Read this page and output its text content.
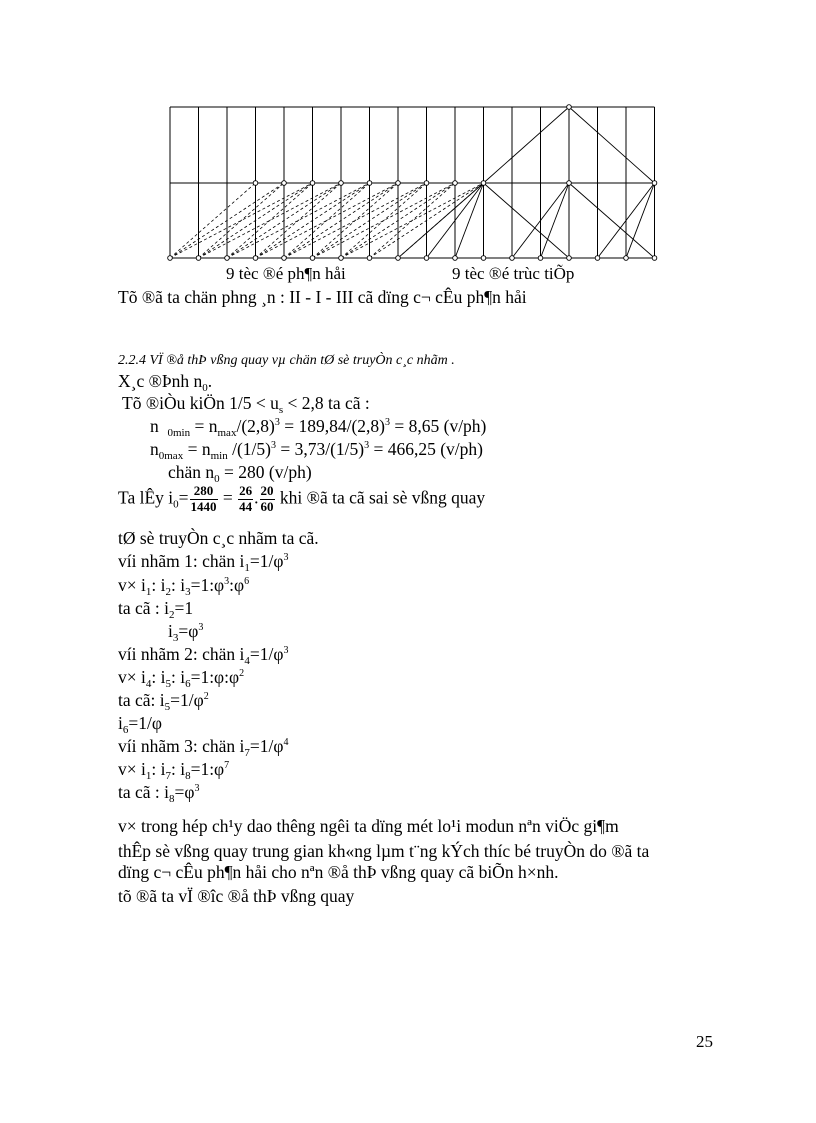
9 tèc ®é ph¶n håi	9 tèc ®é trùc tiÕp
Tõ ®ã ta chän phng ¸n : II - I - III cã dïng c¬ cÊu ph¶n håi
2.2.4 VÏ ®å thÞ vßng quay vµ chän tØ sè truyÒn c¸c nhãm .
X¸c ®Þnh $n_0$.
Tõ ®iÒu kiÖn $1/5 < u_s < 2,8$ ta cã :
n $_{0min} = n_{max}/(2,8)^3 = 189,84/(2,8)^3 = 8,65$ (v/ph)
$n_{0max} = n_{min}$ $/(1/5)^3 = 3,73/(1/5)^3 = 466,25$ (v/ph)
chän $n_0 = 280$ (v/ph)
Ta lÊy $i_0= \frac{280}{1440} = \frac{26}{44}$ . $\frac{20}{60}$ khi ®ã ta cã sai sè vßng quay
tØ sè truyÒn c¸c nhãm ta cã.
víi nhãm 1: chän $i_1=1/\varphi^3$
$v\times i_1$: $i_2$: $i_3=1:\varphi^3:\varphi^6$
ta cã : $i_2=1$
$i_3=\varphi^3$
víi nhãm 2: chän $i_4=1/\varphi^3$
$v\times i_4$: $i_5$: $i_6=1:\varphi:\varphi^2$
ta cã: $i_5=1/\varphi^2$
$i_6=1/\varphi$
víi nhãm 3: chän $i_7=1/\varphi^4$
$v\times i_1$: $i_7$: $i_8=1:\varphi^7$
ta cã : $i_8=\varphi^3$
v× trong hép ch¹y dao thêng ngêi ta dïng mét lo¹i modun nªn viÖc gi¶m
thÊp sè vßng quay trung gian kh«ng lµm t¨ng kÝch thíc bé truyÒn do ®ã ta
dïng c¬ cÊu ph¶n håi cho nªn ®å thÞ vßng quay cã biÕn h×nh.
tõ ®ã ta vÏ ®îc ®å thÞ vßng quay
25
